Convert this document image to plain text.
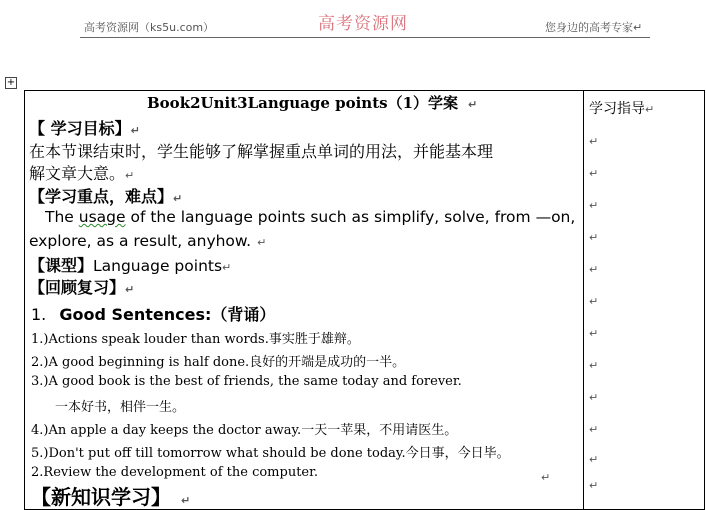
高考资源网（ks5u.com）	高考资源网	您身边的高考专家↵
+
Book2Unit3Language points（1）学案 ↵
【 学习目标】↵
在本节课结束时，学生能够了解掌握重点单词的用法，并能基本理
解文章大意。↵
【学习重点，难点】↵
The usage of the language points such as simplify, solve, from —on,
explore, as a result, anyhow. ↵
【课型】Language points↵
【回顾复习】↵
1. Good Sentences:（背诵）
1.)Actions speak louder than words.事实胜于雄辩。
2.)A good beginning is half done.良好的开端是成功的一半。
3.)A good book is the best of friends, the same today and forever.
一本好书，相伴一生。
4.)An apple a day keeps the doctor away.一天一苹果，不用请医生。
5.)Don't put off till tomorrow what should be done today.今日事，今日毕。
2.Review the development of the computer.	↵
【新知识学习】 ↵
学习指导↵
↵
↵
↵
↵
↵
↵
↵
↵
↵
↵
↵
↵
